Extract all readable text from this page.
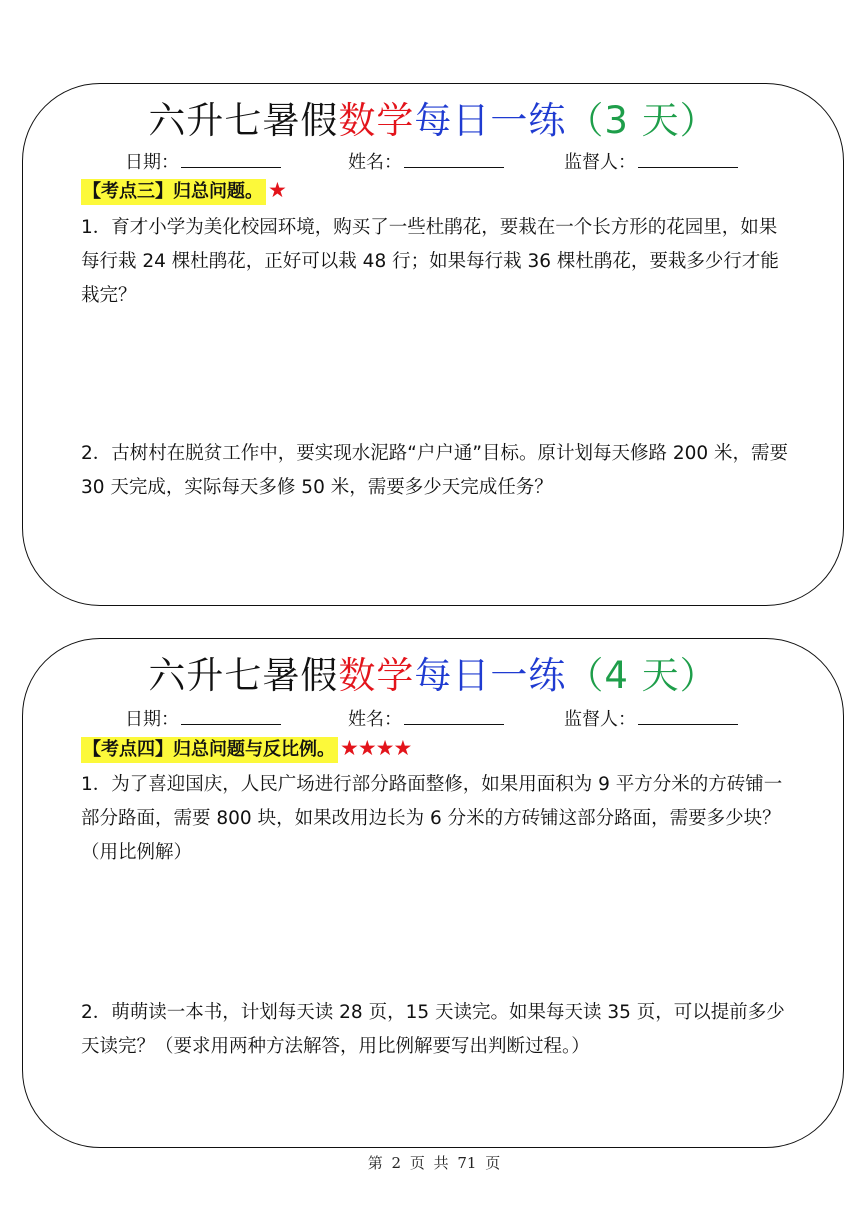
六升七暑假数学每日一练（3 天）
日期：	姓名：	监督人：
【考点三】归总问题。 ★
1．育才小学为美化校园环境，购买了一些杜鹃花，要栽在一个长方形的花园里，如果每行栽 24 棵杜鹃花，正好可以栽 48 行；如果每行栽 36 棵杜鹃花，要栽多少行才能栽完？
2．古树村在脱贫工作中，要实现水泥路“户户通”目标。原计划每天修路 200 米，需要 30 天完成，实际每天多修 50 米，需要多少天完成任务？
六升七暑假数学每日一练（4 天）
日期：	姓名：	监督人：
【考点四】归总问题与反比例。 ★★★★
1．为了喜迎国庆，人民广场进行部分路面整修，如果用面积为 9 平方分米的方砖铺一部分路面，需要 800 块，如果改用边长为 6 分米的方砖铺这部分路面，需要多少块？（用比例解）
2．萌萌读一本书，计划每天读 28 页，15 天读完。如果每天读 35 页，可以提前多少天读完？（要求用两种方法解答，用比例解要写出判断过程。）
第 2 页 共 71 页
